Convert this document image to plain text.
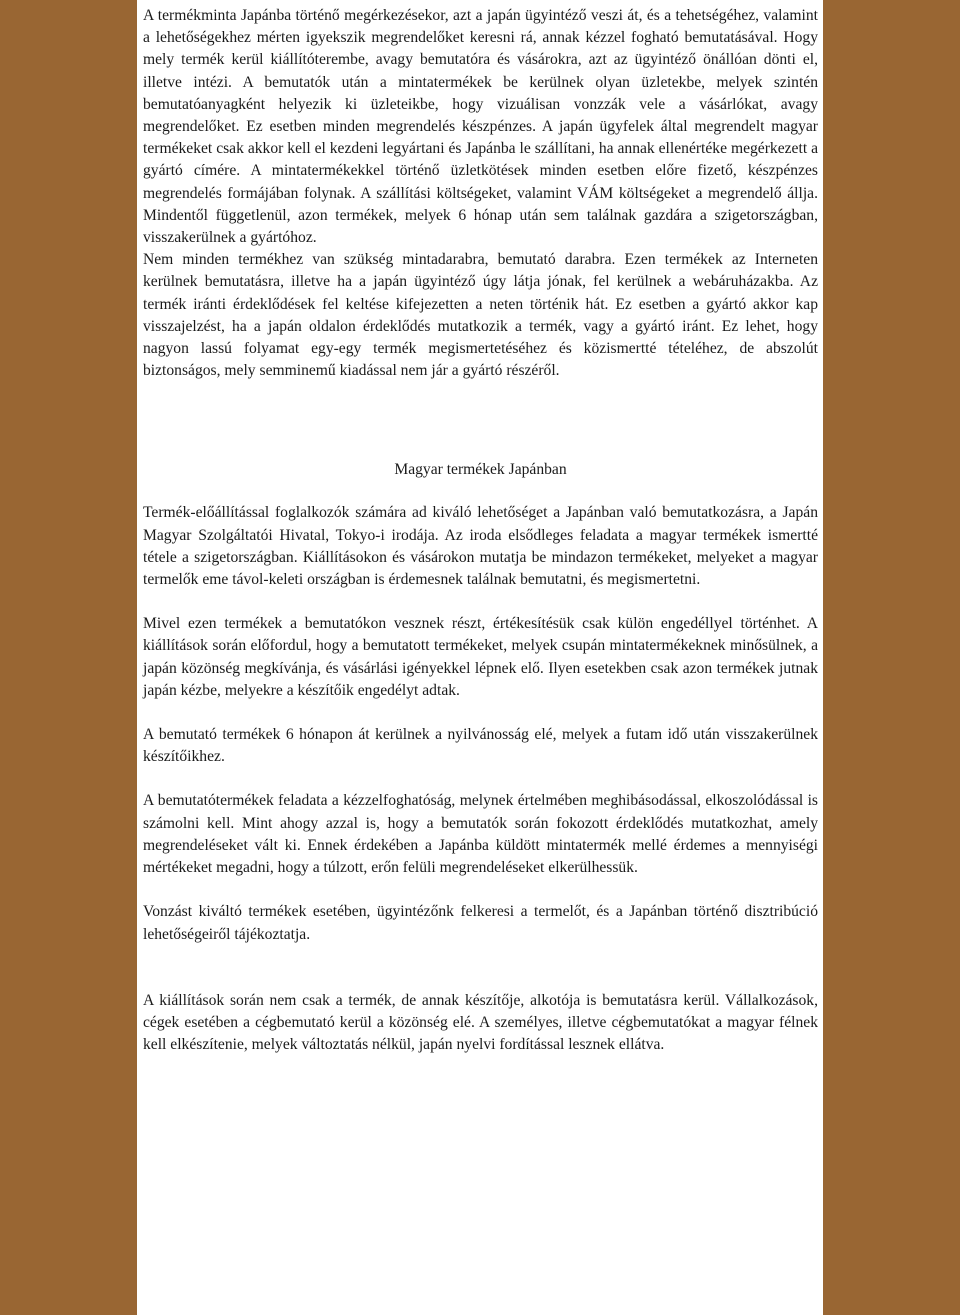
A termékminta Japánba történő megérkezésekor, azt a japán ügyintéző veszi át, és a tehetségéhez, valamint a lehetőségekhez mérten igyekszik megrendelőket keresni rá, annak kézzel fogható bemutatásával. Hogy mely termék kerül kiállítóterembe, avagy bemutatóra és vásárokra, azt az ügyintéző önállóan dönti el, illetve intézi. A bemutatók után a mintatermékek be kerülnek olyan üzletekbe, melyek szintén bemutatóanyagként helyezik ki üzleteikbe, hogy vizuálisan vonzzák vele a vásárlókat, avagy megrendelőket. Ez esetben minden megrendelés készpénzes. A japán ügyfelek által megrendelt magyar termékeket csak akkor kell el kezdeni legyártani és Japánba le szállítani, ha annak ellenértéke megérkezett a gyártó címére. A mintatermékekkel történő üzletkötések minden esetben előre fizető, készpénzes megrendelés formájában folynak. A szállítási költségeket, valamint VÁM költségeket a megrendelő állja. Mindentől függetlenül, azon termékek, melyek 6 hónap után sem találnak gazdára a szigetországban, visszakerülnek a gyártóhoz.

Nem minden termékhez van szükség mintadarabra, bemutató darabra. Ezen termékek az Interneten kerülnek bemutatásra, illetve ha a japán ügyintéző úgy látja jónak, fel kerülnek a webáruházakba. Az termék iránti érdeklődések fel keltése kifejezetten a neten történik hát. Ez esetben a gyártó akkor kap visszajelzést, ha a japán oldalon érdeklődés mutatkozik a termék, vagy a gyártó iránt. Ez lehet, hogy nagyon lassú folyamat egy-egy termék megismertetéséhez és közismertté tételéhez, de abszolút biztonságos, mely semminemű kiadással nem jár a gyártó részéről.

Magyar termékek Japánban

Termék-előállítással foglalkozók számára ad kiváló lehetőséget a Japánban való bemutatkozásra, a Japán Magyar Szolgáltatói Hivatal, Tokyo-i irodája. Az iroda elsődleges feladata a magyar termékek ismertté tétele a szigetországban. Kiállításokon és vásárokon mutatja be mindazon termékeket, melyeket a magyar termelők eme távol-keleti országban is érdemesnek találnak bemutatni, és megismertetni.

Mivel ezen termékek a bemutatókon vesznek részt, értékesítésük csak külön engedéllyel történhet. A kiállítások során előfordul, hogy a bemutatott termékeket, melyek csupán mintatermékeknek minősülnek, a japán közönség megkívánja, és vásárlási igényekkel lépnek elő. Ilyen esetekben csak azon termékek jutnak japán kézbe, melyekre a készítőik engedélyt adtak.

A bemutató termékek 6 hónapon át kerülnek a nyilvánosság elé, melyek a futam idő után visszakerülnek készítőikhez.

A bemutatótermékek feladata a kézzelfoghatóság, melynek értelmében meghibásodással, elkoszolódással is számolni kell. Mint ahogy azzal is, hogy a bemutatók során fokozott érdeklődés mutatkozhat, amely megrendeléseket vált ki. Ennek érdekében a Japánba küldött mintatermék mellé érdemes a mennyiségi mértékeket megadni, hogy a túlzott, erőn felüli megrendeléseket elkerülhessük.

Vonzást kiváltó termékek esetében, ügyintézőnk felkeresi a termelőt, és a Japánban történő disztribúció lehetőségeiről tájékoztatja.

A kiállítások során nem csak a termék, de annak készítője, alkotója is bemutatásra kerül. Vállalkozások, cégek esetében a cégbemutató kerül a közönség elé. A személyes, illetve cégbemutatókat a magyar félnek kell elkészítenie, melyek változtatás nélkül, japán nyelvi fordítással lesznek ellátva.
